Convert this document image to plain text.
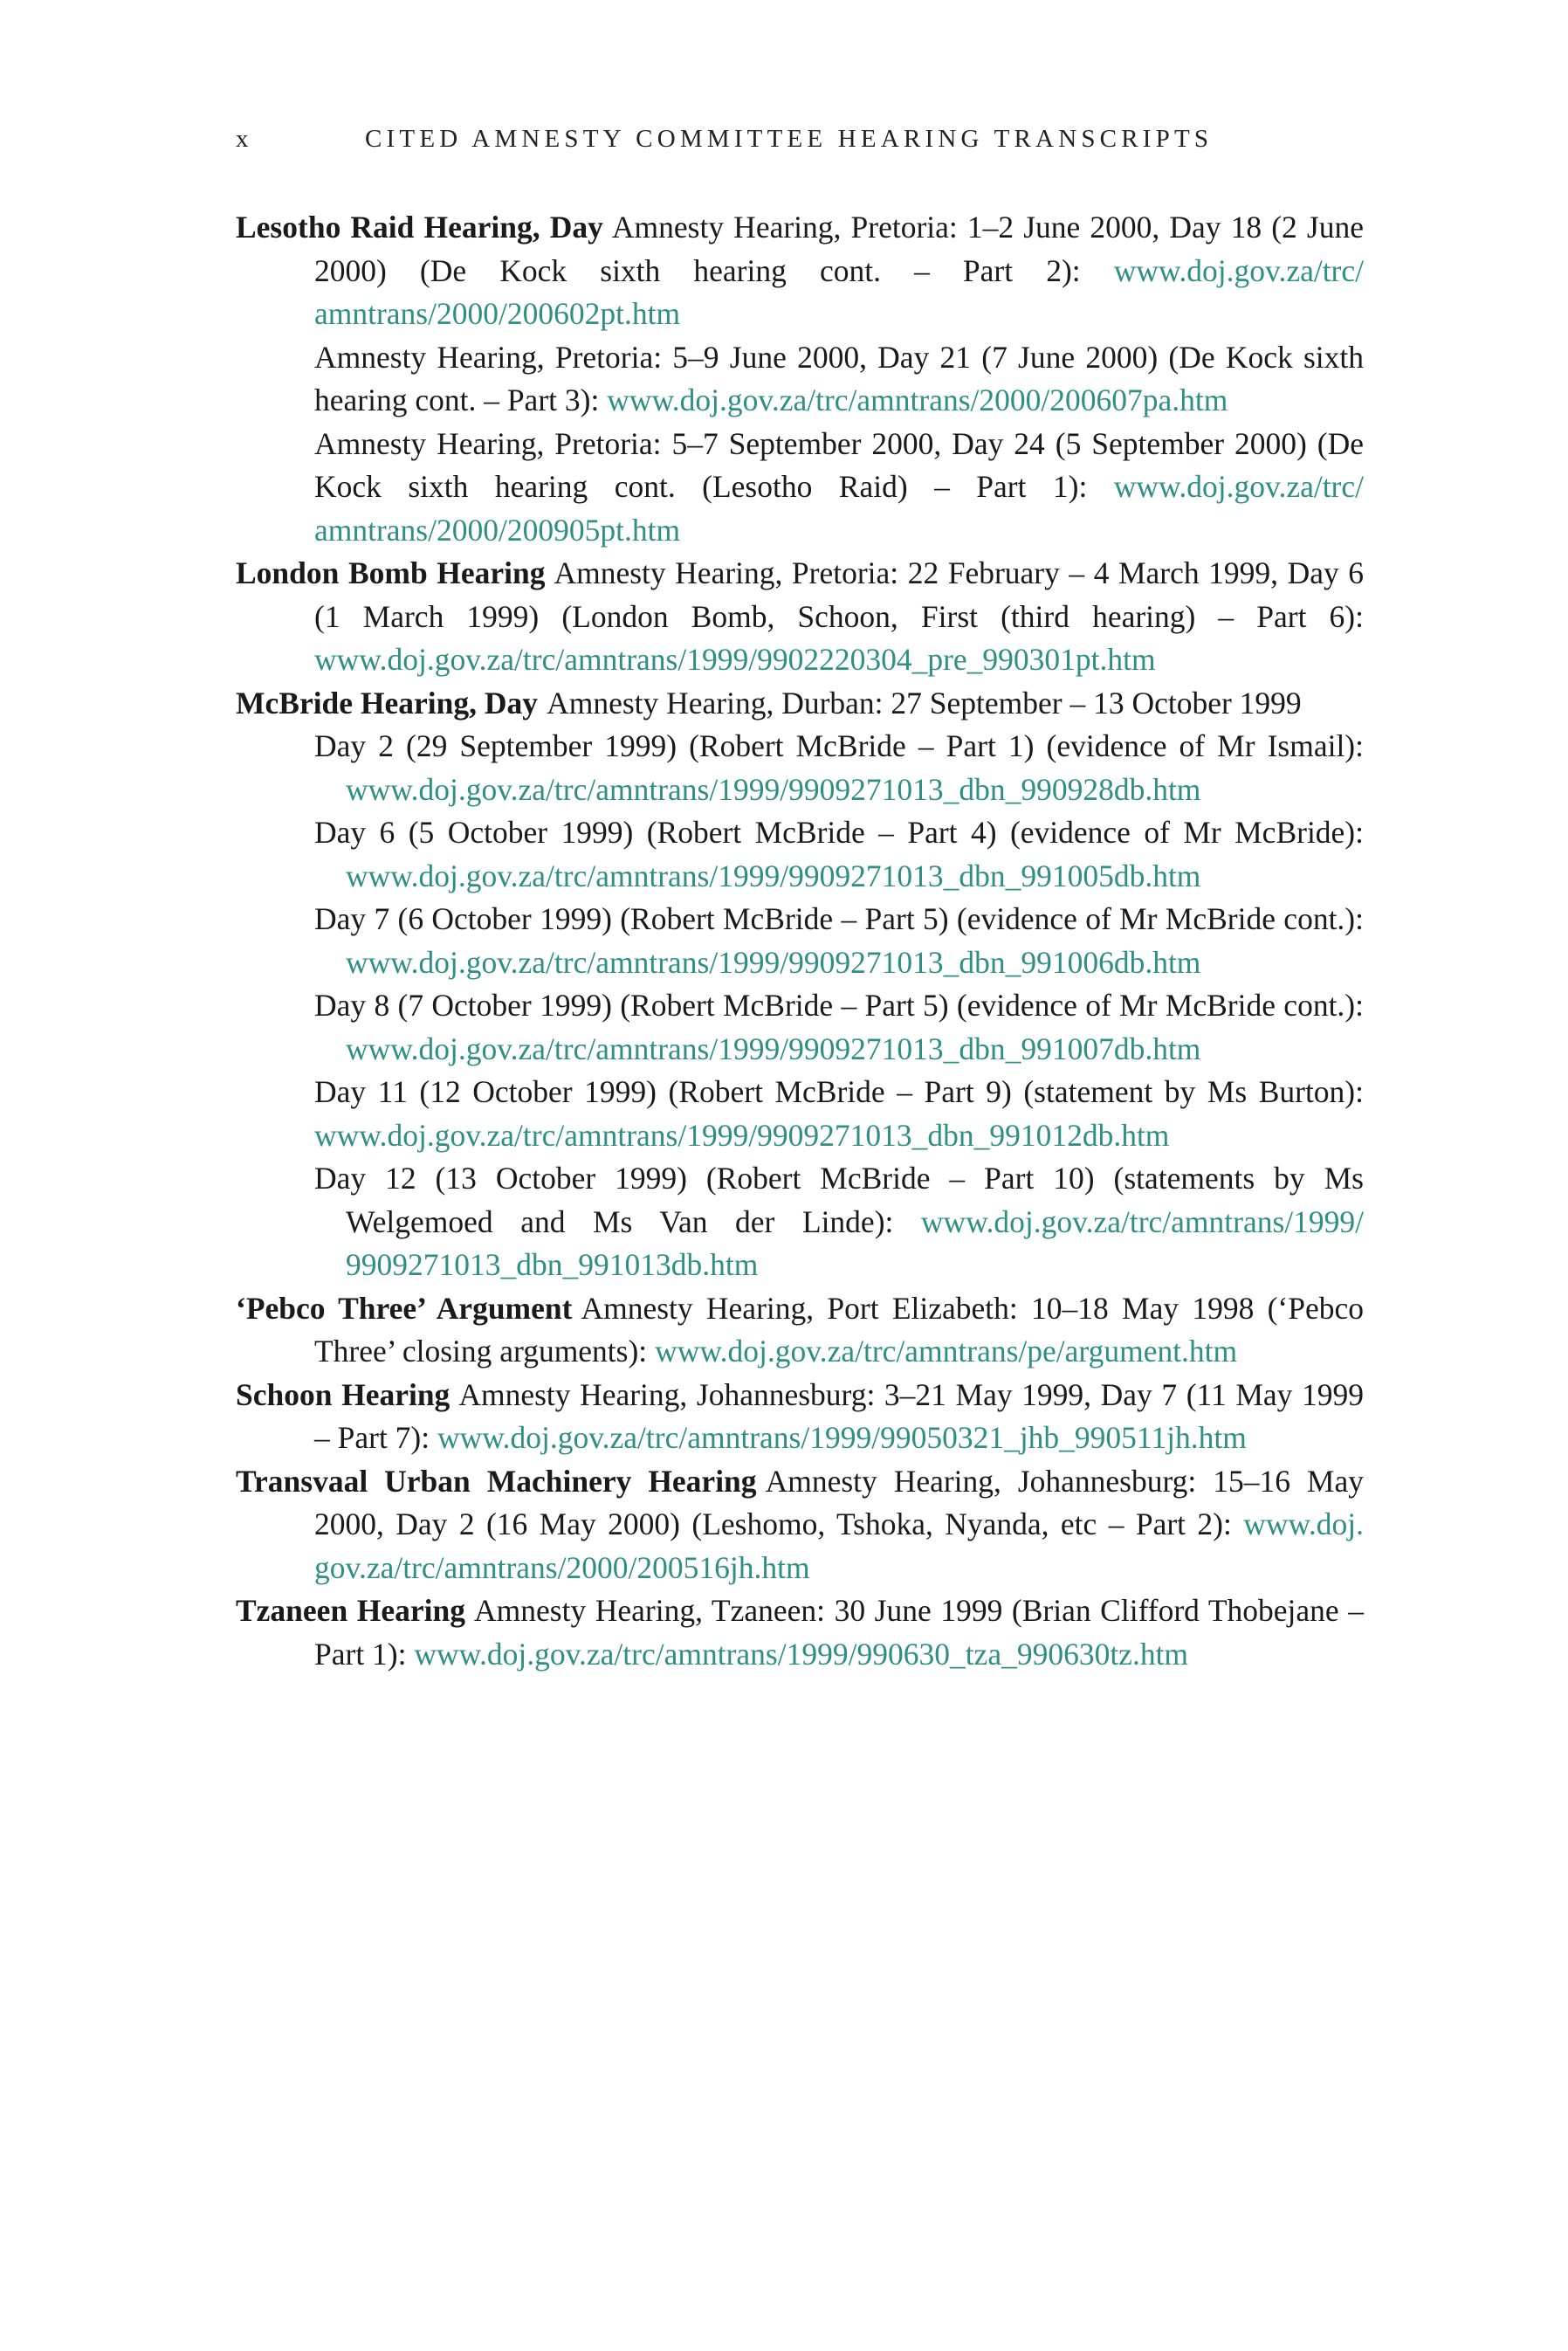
x	CITED AMNESTY COMMITTEE HEARING TRANSCRIPTS
Lesotho Raid Hearing, Day Amnesty Hearing, Pretoria: 1–2 June 2000, Day 18 (2 June 2000) (De Kock sixth hearing cont. – Part 2): www.doj.gov.za/trc/ amntrans/2000/200602pt.htm
Amnesty Hearing, Pretoria: 5–9 June 2000, Day 21 (7 June 2000) (De Kock sixth hearing cont. – Part 3): www.doj.gov.za/trc/amntrans/2000/200607pa.htm
Amnesty Hearing, Pretoria: 5–7 September 2000, Day 24 (5 September 2000) (De Kock sixth hearing cont. (Lesotho Raid) – Part 1): www.doj.gov.za/trc/ amntrans/2000/200905pt.htm
London Bomb Hearing Amnesty Hearing, Pretoria: 22 February – 4 March 1999, Day 6 (1 March 1999) (London Bomb, Schoon, First (third hearing) – Part 6): www.doj.gov.za/trc/amntrans/1999/9902220304_pre_990301pt.htm
McBride Hearing, Day Amnesty Hearing, Durban: 27 September – 13 October 1999
Day 2 (29 September 1999) (Robert McBride – Part 1) (evidence of Mr Ismail): www.doj.gov.za/trc/amntrans/1999/9909271013_dbn_990928db.htm
Day 6 (5 October 1999) (Robert McBride – Part 4) (evidence of Mr McBride): www.doj.gov.za/trc/amntrans/1999/9909271013_dbn_991005db.htm
Day 7 (6 October 1999) (Robert McBride – Part 5) (evidence of Mr McBride cont.): www.doj.gov.za/trc/amntrans/1999/9909271013_dbn_991006db.htm
Day 8 (7 October 1999) (Robert McBride – Part 5) (evidence of Mr McBride cont.): www.doj.gov.za/trc/amntrans/1999/9909271013_dbn_991007db.htm
Day 11 (12 October 1999) (Robert McBride – Part 9) (statement by Ms Burton): www.doj.gov.za/trc/amntrans/1999/9909271013_dbn_991012db.htm
Day 12 (13 October 1999) (Robert McBride – Part 10) (statements by Ms Welgemoed and Ms Van der Linde): www.doj.gov.za/trc/amntrans/1999/ 9909271013_dbn_991013db.htm
‘Pebco Three’ Argument Amnesty Hearing, Port Elizabeth: 10–18 May 1998 (‘Pebco Three’ closing arguments): www.doj.gov.za/trc/amntrans/pe/argument.htm
Schoon Hearing Amnesty Hearing, Johannesburg: 3–21 May 1999, Day 7 (11 May 1999 – Part 7): www.doj.gov.za/trc/amntrans/1999/99050321_jhb_990511jh.htm
Transvaal Urban Machinery Hearing Amnesty Hearing, Johannesburg: 15–16 May 2000, Day 2 (16 May 2000) (Leshomo, Tshoka, Nyanda, etc – Part 2): www.doj. gov.za/trc/amntrans/2000/200516jh.htm
Tzaneen Hearing Amnesty Hearing, Tzaneen: 30 June 1999 (Brian Clifford Thobejane – Part 1): www.doj.gov.za/trc/amntrans/1999/990630_tza_990630tz.htm
